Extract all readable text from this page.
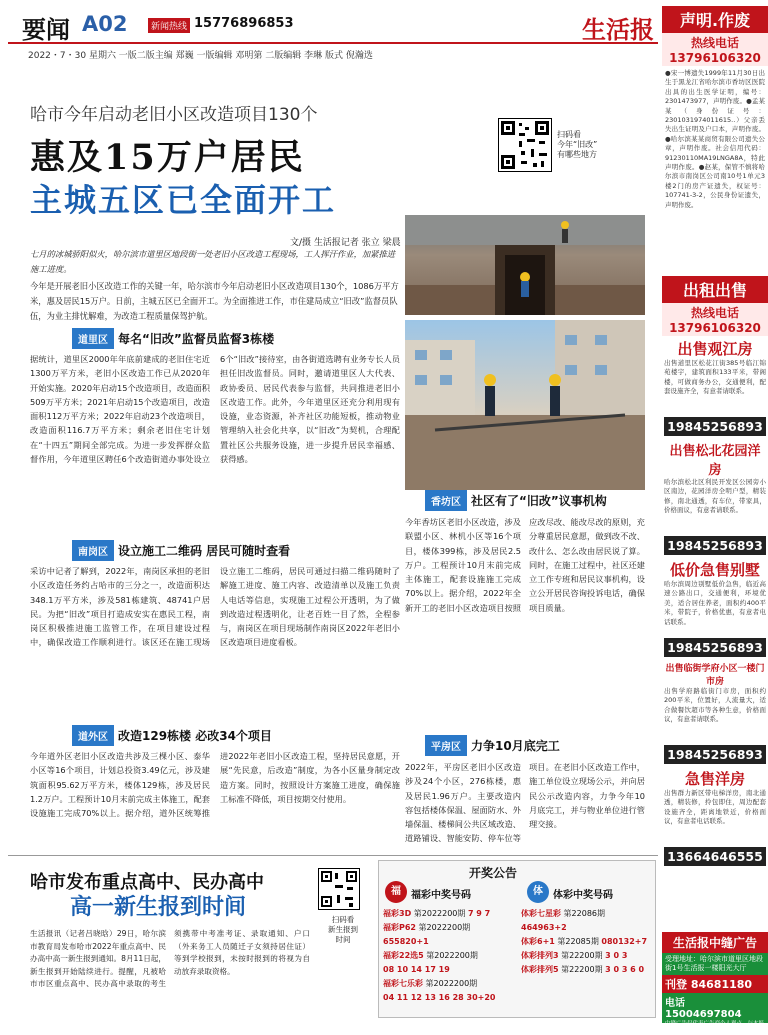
要闻 A02	新闻热线 15776896853	生活报
2022・7・30 星期六 一版二版主编 郑巍 一版编辑 邓明第 二版编辑 李琳 版式 倪瀚选
哈市今年启动老旧小区改造项目130个
惠及15万户居民
主城五区已全面开工
扫码看
今年“旧改”
有哪些地方
文/摄 生活报记者 张立 梁晨
七月的冰城骄阳似火，哈尔滨市道里区地段街一处老旧小区改造工程现场，工人挥汗作业，加紧推进施工进度。
今年是开展老旧小区改造工作的关键一年，哈尔滨市今年启动老旧小区改造项目130个，1086万平方米，惠及居民15万户。日前，主城五区已全面开工。为全面推进工作，市住建局成立“旧改”监督员队伍，为业主排忧解难，为改造工程质量保驾护航。
道里区 每名“旧改”监督员监督3栋楼
据统计，道里区2000年年底前建成的老旧住宅近1300万平方米，老旧小区改造工作已从2020年开始实施。2020年启动15个改造项目，改造面积509万平方米；2021年启动15个改造项目，改造面积112万平方米；2022年启动23个改造项目，改造面积116.7万平方米；剩余老旧住宅计划在“十四五”期间全部完成。为进一步发挥群众监督作用，今年道里区聘任6个改造街道办事处设立6个“旧改”接待室，由各街道选聘有业务专长人员担任旧改监督员。同时，邀请道里区人大代表、政协委员、居民代表参与监督，共同推进老旧小区改造工作。此外，今年道里区还充分利用现有设施，业态资源，补齐社区功能短板，推动物业管理纳入社会化共享，以“旧改”为契机，合理配置社区公共服务设施，进一步提升居民幸福感、获得感。
南岗区 设立施工二维码 居民可随时查看
采访中记者了解到，2022年，南岗区承担的老旧小区改造任务约占哈市的三分之一，改造面积达348.1万平方米，涉及581栋建筑、48741户居民。为把“旧改”项目打造成安实在惠民工程，南岗区积极推进施工监管工作，在项目建设过程中，确保改造工作顺利进行。该区还在施工现场设立施工二维码，居民可通过扫描二维码随时了解施工进度、施工内容、改造清单以及施工负责人电话等信息，实现施工过程公开透明，为了做到改造过程透明化，让老百姓一目了然，全程参与，南岗区在项目现场制作南岗区2022年老旧小区改造项目进度看板。
道外区 改造129栋楼 必改34个项目
今年道外区老旧小区改造共涉及三棵小区、泰华小区等16个项目，计划总投资3.49亿元，涉及建筑面积95.62万平方米，楼体129栋，涉及居民1.2万户。工程预计10月末前完成主体施工，配套设施施工完成70%以上。据介绍，道外区统筹推进2022年老旧小区改造工程，坚持居民意愿，开展“先民意，后改造”制度，为各小区量身制定改造方案。同时，按照设计方案施工进度，确保施工标准不降低，项目按期交付使用。
香坊区 社区有了“旧改”议事机构
今年香坊区老旧小区改造，涉及联盟小区、林机小区等16个项目，楼体399栋，涉及居民2.5万户。工程预计10月末前完成主体施工，配套设施施工完成70%以上。据介绍，2022年全新开工的老旧小区改造项目按照应改尽改、能改尽改的原则，充分尊重居民意愿，做到改不改、改什么、怎么改由居民说了算。同时，在施工过程中，社区还建立工作专班和居民议事机构，设立公开居民咨询投诉电话，确保项目质量。
平房区 力争10月底完工
2022年，平房区老旧小区改造涉及24个小区，276栋楼，惠及居民1.96万户。主要改造内容包括楼体保温、屋面防水、外墙保温、楼梯间公共区域改造、道路铺设、智能安防、停车位等项目。在老旧小区改造工作中，施工单位设立现场公示，并向居民公示改造内容，力争今年10月底完工，并与物业单位进行管理交接。
哈市发布重点高中、民办高中
高一新生报到时间
生活报讯（记者吕晓晗）29日，哈尔滨市教育局发布哈市2022年重点高中、民办高中高一新生报到通知。8月11日起，新生报到开始陆续进行。提醒，凡被哈市市区重点高中、民办高中录取的考生须携带中考准考证、录取通知、户口（外来务工人员随迁子女须持居住证）等到学校报到，未按时报到的将视为自动放弃录取资格。
扫码看
新生报到
时间
开奖公告
福	福彩中奖号码	体	体彩中奖号码
福彩3D 第2022200期 7 9 7
福彩P62 第2022200期
655820+1
福彩22选5 第2022200期
08 10 14 17 19
福彩七乐彩 第2022200期
04 11 12 13 16 28 30+20
体彩七星彩 第22086期
464963+2
体彩6+1 第22085期 080132+7
体彩排列3 第22200期 3 0 3
体彩排列5 第22200期 3 0 3 6 0
声明.作废
热线电话13796106320
●宋一博遗失1999年11月30日出生于黑龙江省哈尔滨市香坊区医院出具的出生医学证明，编号：2301473977，声明作废。●孟某某（身份证号：2301031974011615..）父亲丢失出生证明及户口本，声明作废。●哈尔滨某某商贸有限公司遗失公章，声明作废。社会信用代码：91230110MA19LNGA8A，特此声明作废。●赵某，保管不慎将哈尔滨市南岗区公司南10号1单元3楼2门的房产证遗失，权证号：107741-3-2，公民身份证遗失，声明作废。
出租出售
热线电话13796106320
出售观江房
出售道里区松花江街385号临江锦苑楼宇，建筑面积133平米，带阁楼，可做商务办公，交通便利，配套设施齐全，有意者请联系。
19845256893
出售松北花园洋房
哈尔滨松北区利民开发区公园旁小区南边，花园洋房全明户型，精装修，南北通透，有车位，带家具，价格面议，有意者请联系。
19845256893
低价急售别墅
哈尔滨周边别墅低价急售，临近高速公路出口，交通便利，环境优美，适合居住养老，面积约400平米，带院子，价格优惠，有意者电话联系。
19845256893
出售临街学府小区一楼门市房
出售学府路临街门市房，面积约200平米，位置好，人流量大，适合做餐饮超市等各种生意，价格面议，有意者请联系。
19845256893
急售洋房
出售群力新区带电梯洋房，南北通透，精装修，拎包即住，周边配套设施齐全，距离地铁近，价格面议，有意者电话联系。
13664646555
生活报中缝广告
受理地址：哈尔滨市道里区地段街1号生活报一楼阳光大厅
刊登 84681180
电话 15004697804
中缝广告仅代表广告商个人观点，与本报无关
